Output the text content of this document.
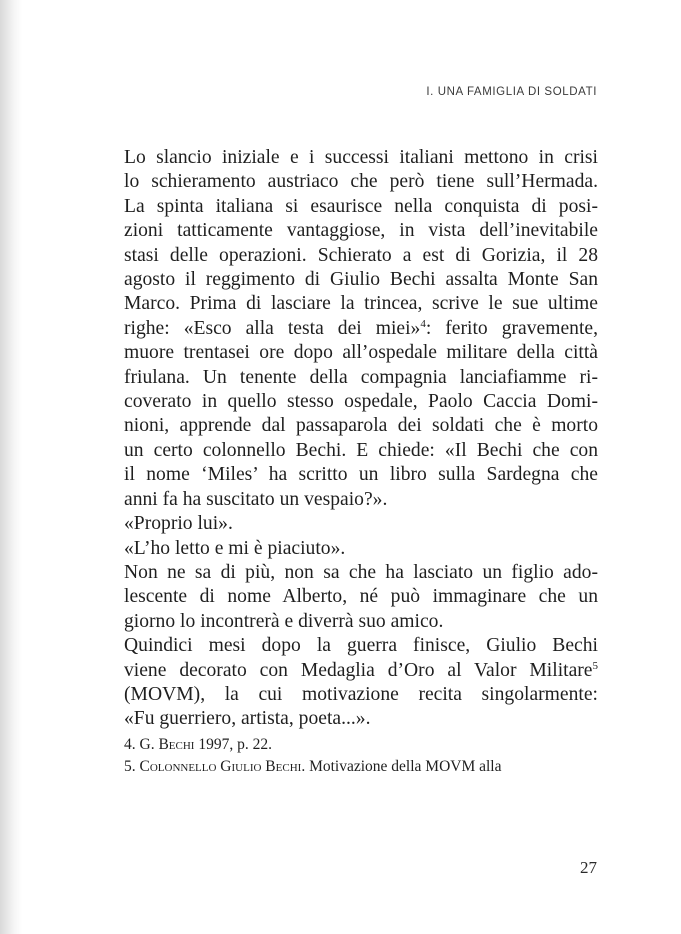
I. UNA FAMIGLIA DI SOLDATI
Lo slancio iniziale e i successi italiani mettono in crisi
lo schieramento austriaco che però tiene sull’Hermada.
La spinta italiana si esaurisce nella conquista di posi-
zioni tatticamente vantaggiose, in vista dell’inevitabile
stasi delle operazioni. Schierato a est di Gorizia, il 28
agosto il reggimento di Giulio Bechi assalta Monte San
Marco. Prima di lasciare la trincea, scrive le sue ultime
righe: «Esco alla testa dei miei»$^4$: ferito gravemente,
muore trentasei ore dopo all’ospedale militare della città
friulana. Un tenente della compagnia lanciafiamme ri-
coverato in quello stesso ospedale, Paolo Caccia Domi-
nioni, apprende dal passaparola dei soldati che è morto
un certo colonnello Bechi. E chiede: «Il Bechi che con
il nome ‘Miles’ ha scritto un libro sulla Sardegna che
anni fa ha suscitato un vespaio?».
«Proprio lui».
«L’ho letto e mi è piaciuto».
Non ne sa di più, non sa che ha lasciato un figlio ado-
lescente di nome Alberto, né può immaginare che un
giorno lo incontrerà e diverrà suo amico.
Quindici mesi dopo la guerra finisce, Giulio Bechi
viene decorato con Medaglia d’Oro al Valor Militare$^5$
(MOVM), la cui motivazione recita singolarmente:
«Fu guerriero, artista, poeta...».
4. G. Bechi 1997, p. 22.
5. Colonnello Giulio Bechi. Motivazione della MOVM alla
27
